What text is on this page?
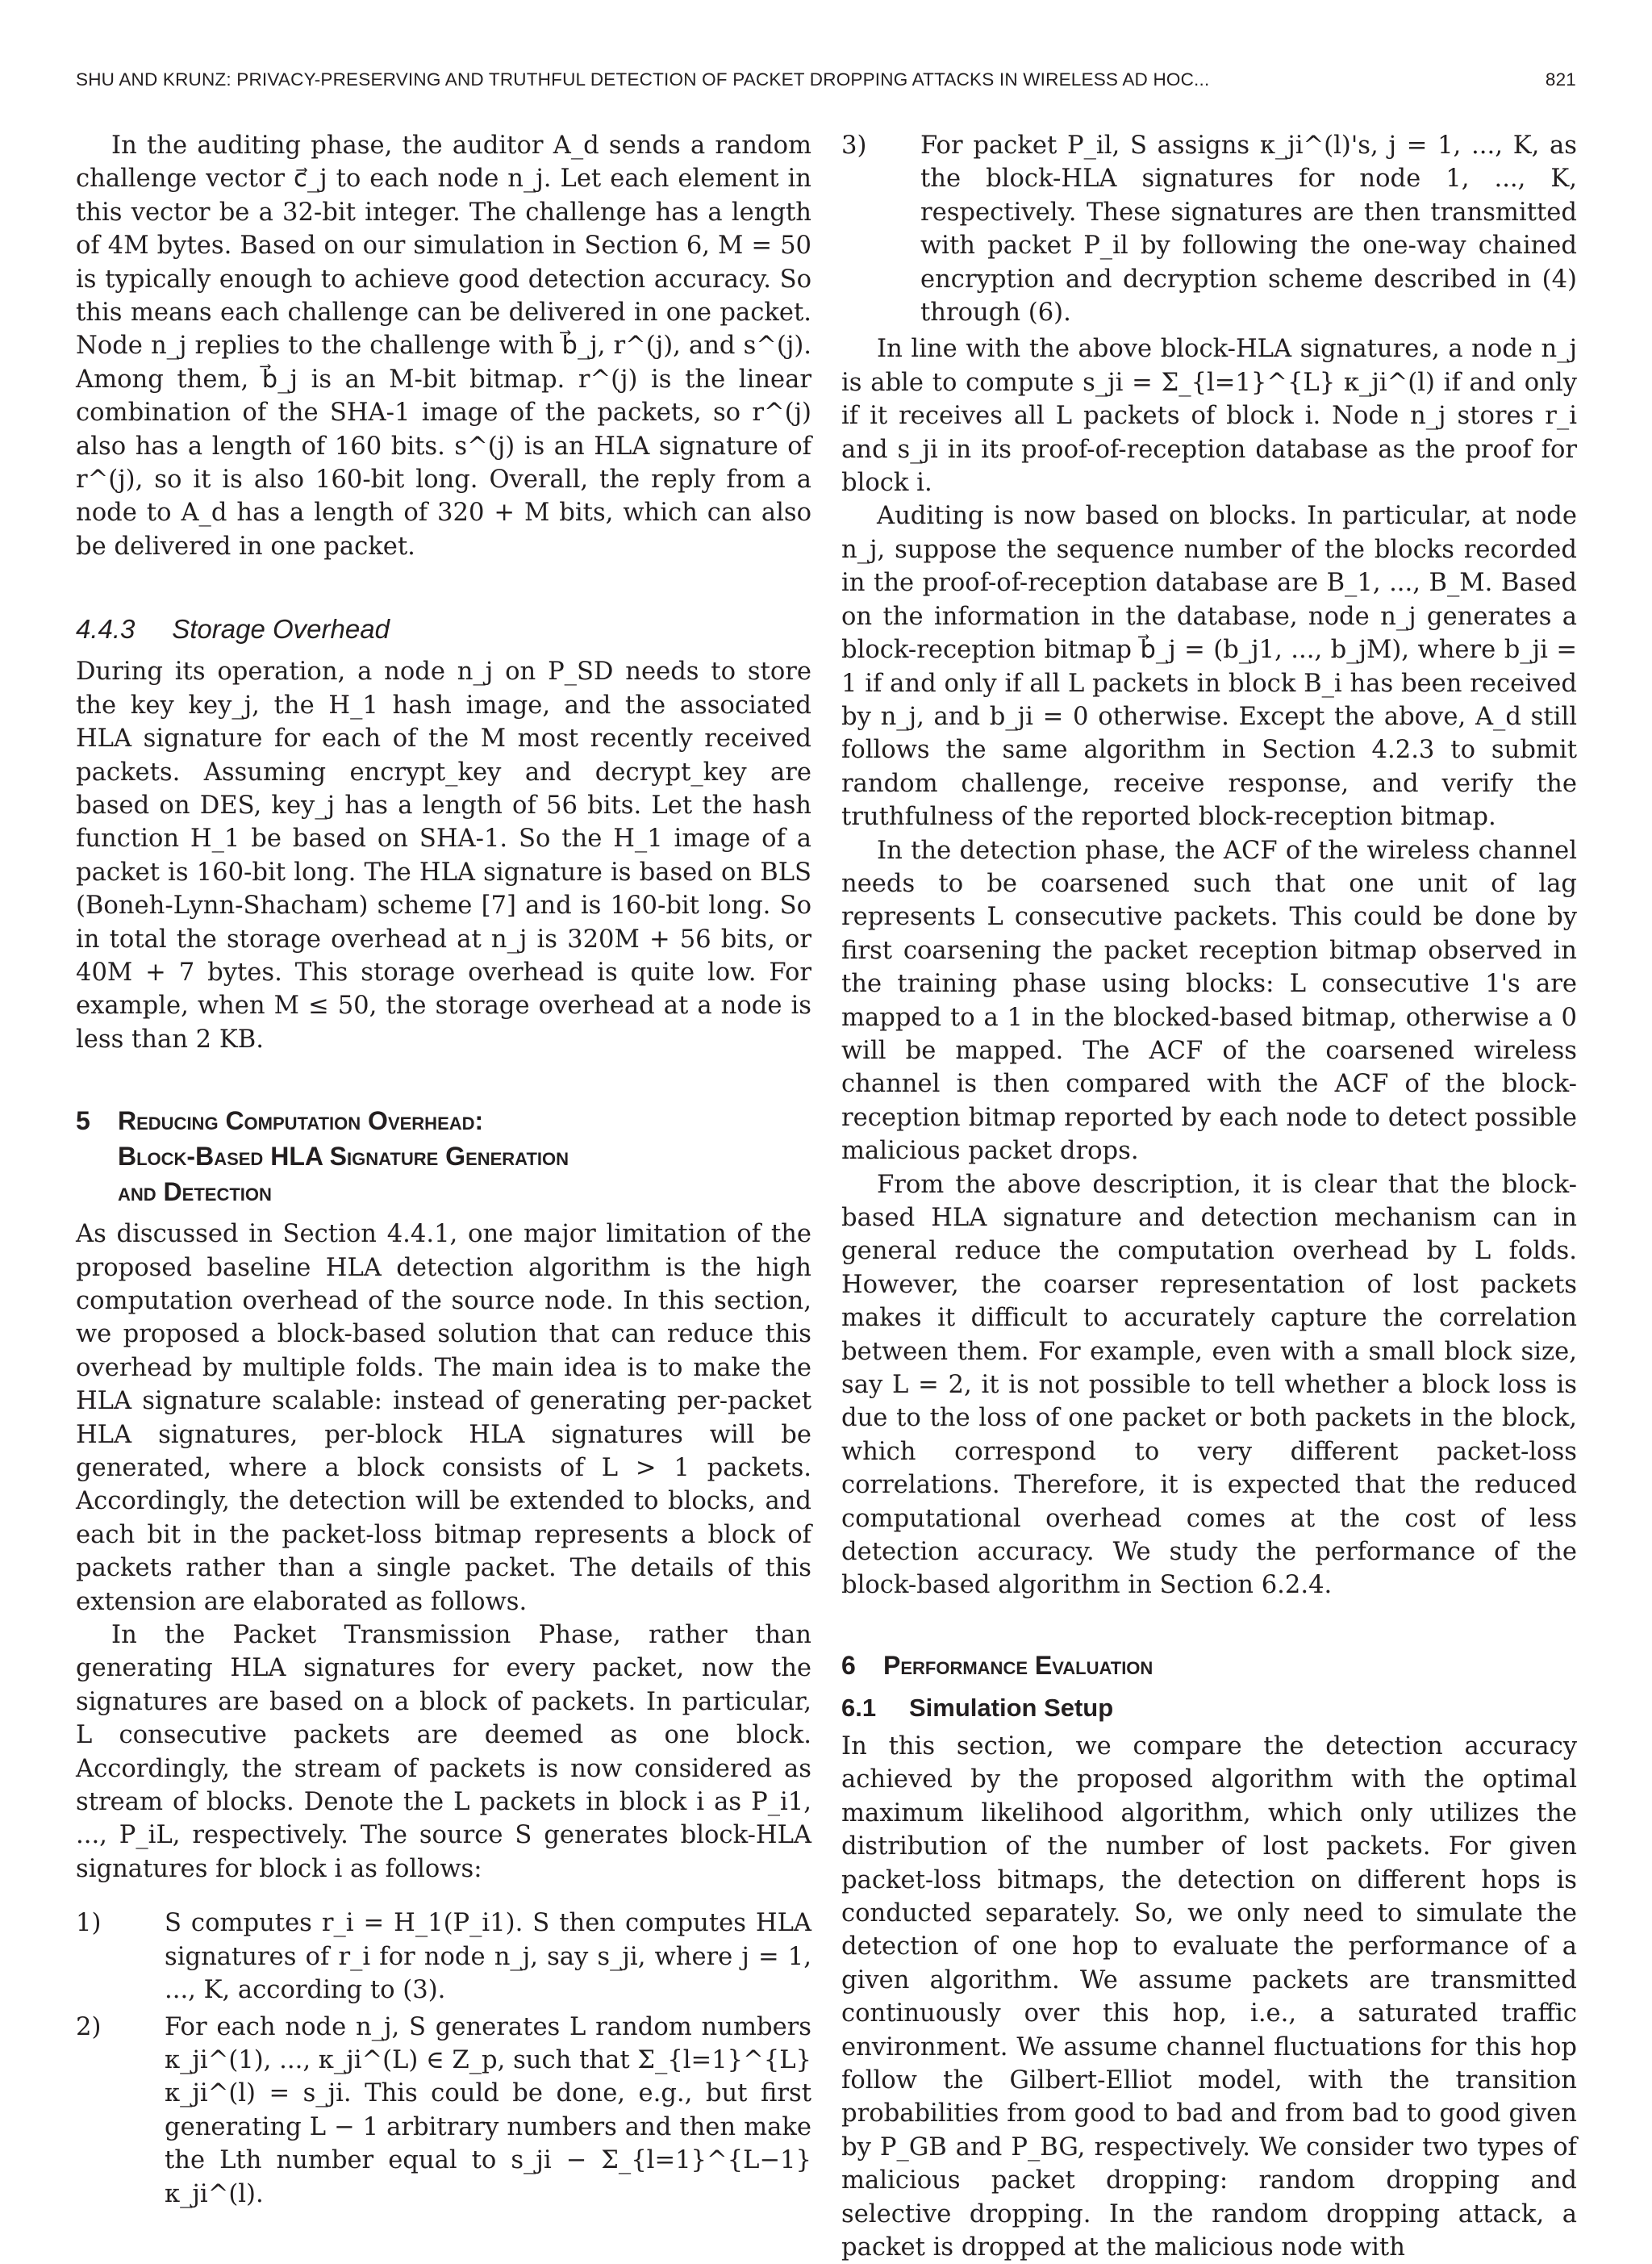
SHU AND KRUNZ: PRIVACY-PRESERVING AND TRUTHFUL DETECTION OF PACKET DROPPING ATTACKS IN WIRELESS AD HOC...	821

In the auditing phase, the auditor A_d sends a random challenge vector c⃗_j to each node n_j. Let each element in this vector be a 32-bit integer. The challenge has a length of 4M bytes. Based on our simulation in Section 6, M = 50 is typically enough to achieve good detection accuracy. So this means each challenge can be delivered in one packet. Node n_j replies to the challenge with b⃗_j, r^(j), and s^(j). Among them, b⃗_j is an M-bit bitmap. r^(j) is the linear combination of the SHA-1 image of the packets, so r^(j) also has a length of 160 bits. s^(j) is an HLA signature of r^(j), so it is also 160-bit long. Overall, the reply from a node to A_d has a length of 320 + M bits, which can also be delivered in one packet.

4.4.3 Storage Overhead

During its operation, a node n_j on P_SD needs to store the key key_j, the H_1 hash image, and the associated HLA signature for each of the M most recently received packets. Assuming encrypt_key and decrypt_key are based on DES, key_j has a length of 56 bits. Let the hash function H_1 be based on SHA-1. So the H_1 image of a packet is 160-bit long. The HLA signature is based on BLS (Boneh-Lynn-Shacham) scheme [7] and is 160-bit long. So in total the storage overhead at n_j is 320M + 56 bits, or 40M + 7 bytes. This storage overhead is quite low. For example, when M ≤ 50, the storage overhead at a node is less than 2 KB.

5	Reducing Computation Overhead:
Block-Based HLA Signature Generation
and Detection

As discussed in Section 4.4.1, one major limitation of the proposed baseline HLA detection algorithm is the high computation overhead of the source node. In this section, we proposed a block-based solution that can reduce this overhead by multiple folds. The main idea is to make the HLA signature scalable: instead of generating per-packet HLA signatures, per-block HLA signatures will be generated, where a block consists of L > 1 packets. Accordingly, the detection will be extended to blocks, and each bit in the packet-loss bitmap represents a block of packets rather than a single packet. The details of this extension are elaborated as follows.

In the Packet Transmission Phase, rather than generating HLA signatures for every packet, now the signatures are based on a block of packets. In particular, L consecutive packets are deemed as one block. Accordingly, the stream of packets is now considered as stream of blocks. Denote the L packets in block i as P_i1, ..., P_iL, respectively. The source S generates block-HLA signatures for block i as follows:

1)	S computes r_i = H_1(P_i1). S then computes HLA signatures of r_i for node n_j, say s_ji, where j = 1, ..., K, according to (3).
2)	For each node n_j, S generates L random numbers κ_ji^(1), ..., κ_ji^(L) ∈ Z_p, such that Σ_{l=1}^{L} κ_ji^(l) = s_ji. This could be done, e.g., but first generating L − 1 arbitrary numbers and then make the Lth number equal to s_ji − Σ_{l=1}^{L−1} κ_ji^(l).
3)	For packet P_il, S assigns κ_ji^(l)'s, j = 1, ..., K, as the block-HLA signatures for node 1, ..., K, respectively. These signatures are then transmitted with packet P_il by following the one-way chained encryption and decryption scheme described in (4) through (6).

In line with the above block-HLA signatures, a node n_j is able to compute s_ji = Σ_{l=1}^{L} κ_ji^(l) if and only if it receives all L packets of block i. Node n_j stores r_i and s_ji in its proof-of-reception database as the proof for block i.

Auditing is now based on blocks. In particular, at node n_j, suppose the sequence number of the blocks recorded in the proof-of-reception database are B_1, ..., B_M. Based on the information in the database, node n_j generates a block-reception bitmap b⃗_j = (b_j1, ..., b_jM), where b_ji = 1 if and only if all L packets in block B_i has been received by n_j, and b_ji = 0 otherwise. Except the above, A_d still follows the same algorithm in Section 4.2.3 to submit random challenge, receive response, and verify the truthfulness of the reported block-reception bitmap.

In the detection phase, the ACF of the wireless channel needs to be coarsened such that one unit of lag represents L consecutive packets. This could be done by first coarsening the packet reception bitmap observed in the training phase using blocks: L consecutive 1's are mapped to a 1 in the blocked-based bitmap, otherwise a 0 will be mapped. The ACF of the coarsened wireless channel is then compared with the ACF of the block-reception bitmap reported by each node to detect possible malicious packet drops.

From the above description, it is clear that the block-based HLA signature and detection mechanism can in general reduce the computation overhead by L folds. However, the coarser representation of lost packets makes it difficult to accurately capture the correlation between them. For example, even with a small block size, say L = 2, it is not possible to tell whether a block loss is due to the loss of one packet or both packets in the block, which correspond to very different packet-loss correlations. Therefore, it is expected that the reduced computational overhead comes at the cost of less detection accuracy. We study the performance of the block-based algorithm in Section 6.2.4.

6	Performance Evaluation
6.1	Simulation Setup

In this section, we compare the detection accuracy achieved by the proposed algorithm with the optimal maximum likelihood algorithm, which only utilizes the distribution of the number of lost packets. For given packet-loss bitmaps, the detection on different hops is conducted separately. So, we only need to simulate the detection of one hop to evaluate the performance of a given algorithm. We assume packets are transmitted continuously over this hop, i.e., a saturated traffic environment. We assume channel fluctuations for this hop follow the Gilbert-Elliot model, with the transition probabilities from good to bad and from bad to good given by P_GB and P_BG, respectively. We consider two types of malicious packet dropping: random dropping and selective dropping. In the random dropping attack, a packet is dropped at the malicious node with
